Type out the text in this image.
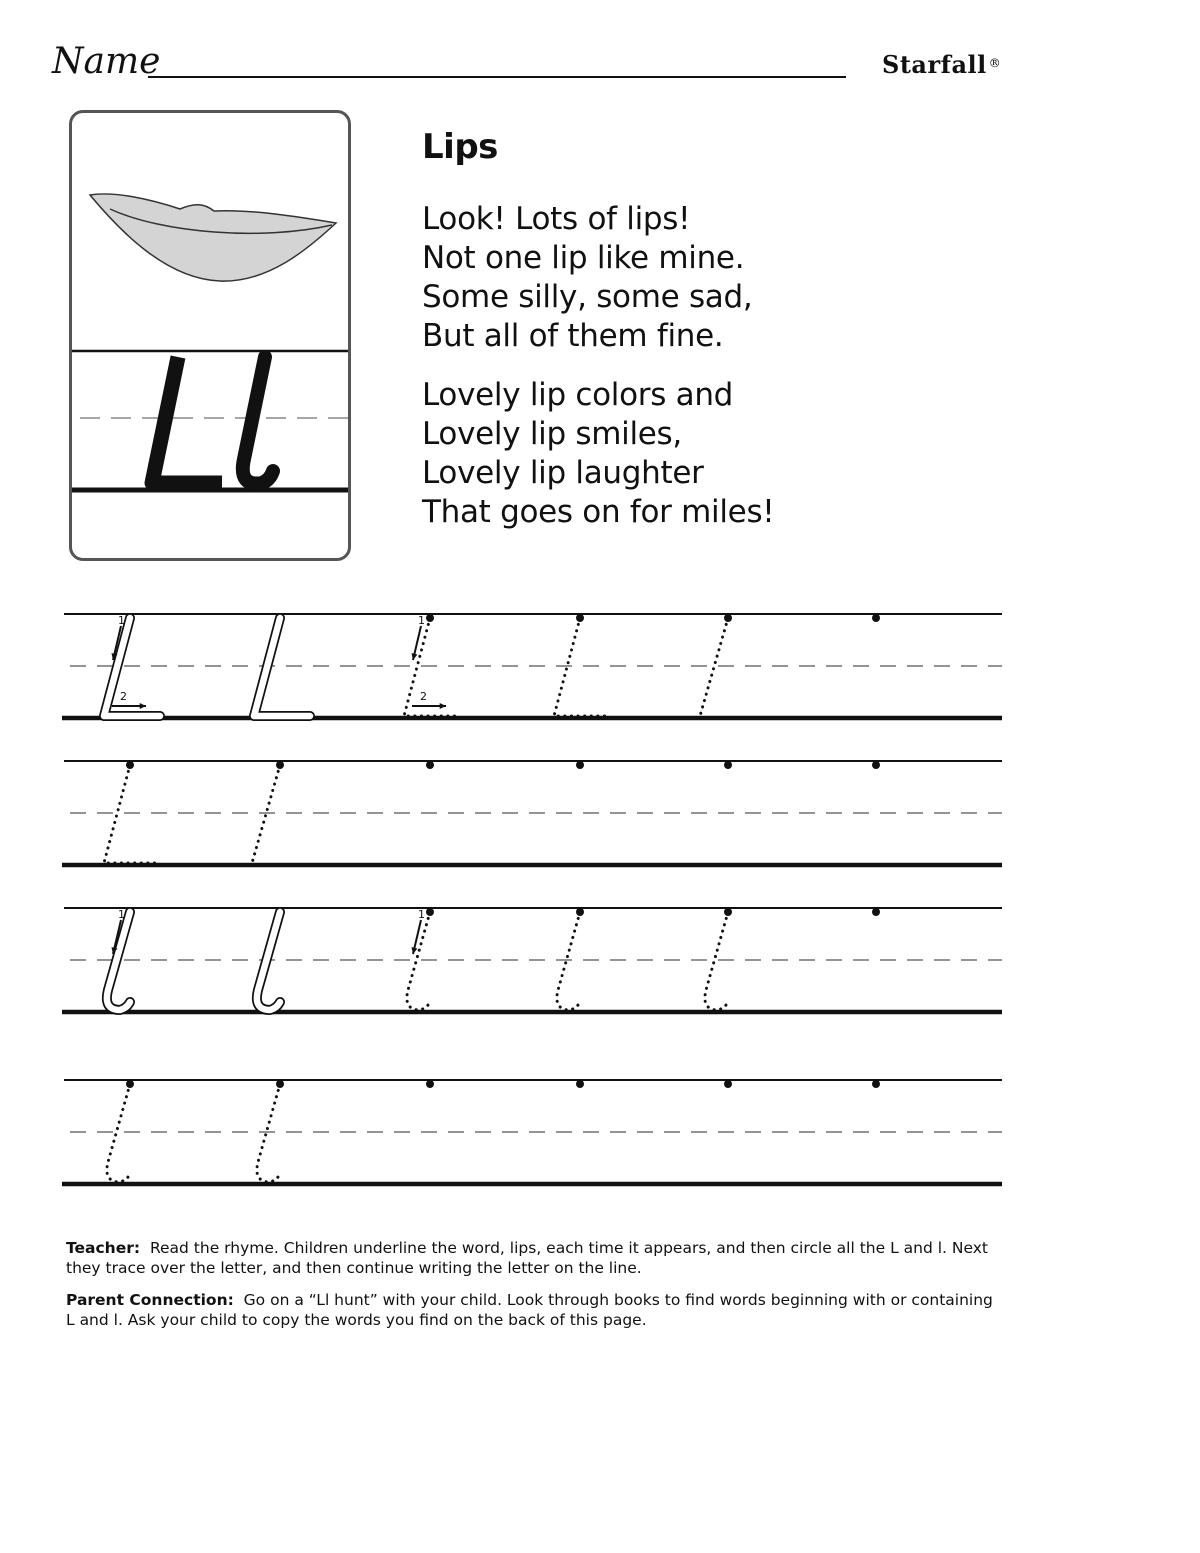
Name	Starfall ®
Lips
Look! Lots of lips!
Not one lip like mine.
Some silly, some sad,
But all of them fine.
Lovely lip colors and
Lovely lip smiles,
Lovely lip laughter
That goes on for miles!
1
2
1
2
1	1
Teacher: Read the rhyme. Children underline the word, lips, each time it appears, and then circle all the L and l. Next they trace over the letter, and then continue writing the letter on the line.
Parent Connection: Go on a “Ll hunt” with your child. Look through books to find words beginning with or containing L and l. Ask your child to copy the words you find on the back of this page.
